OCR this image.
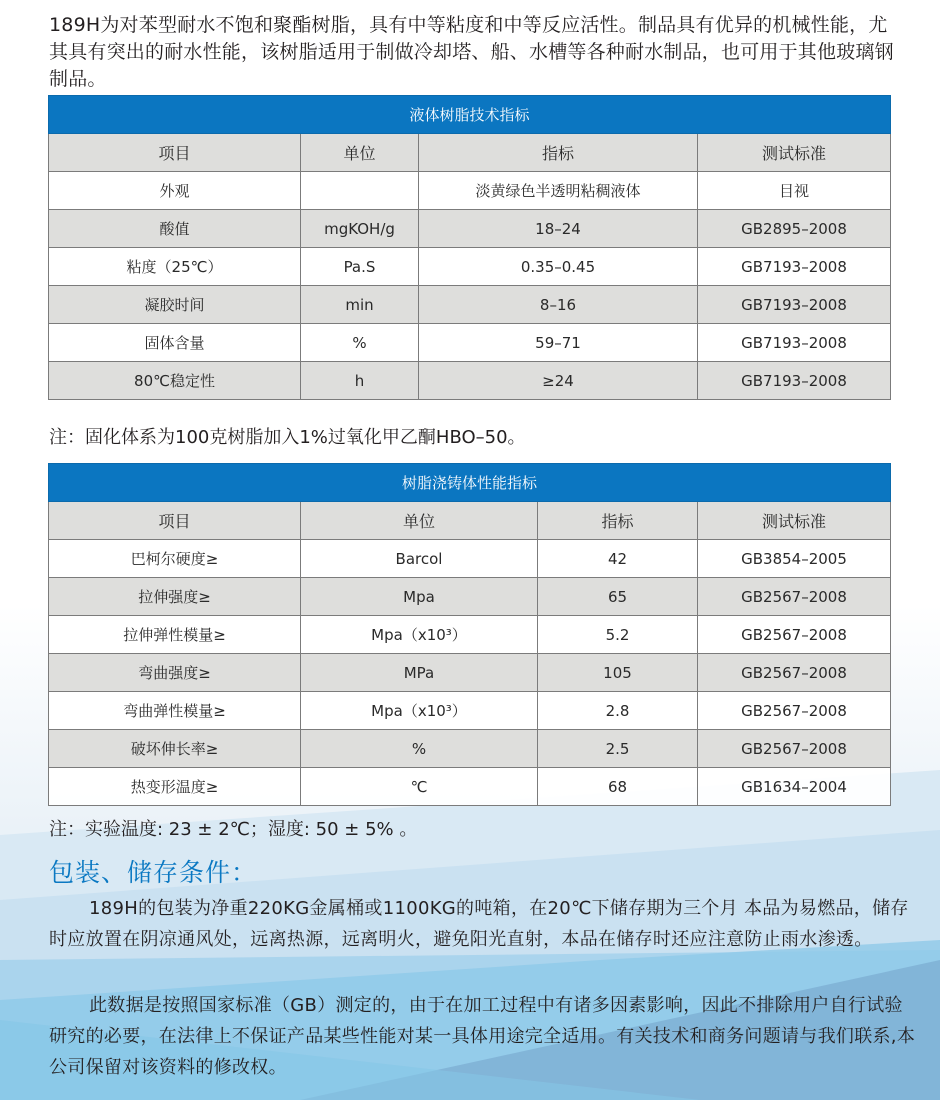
189H为对苯型耐水不饱和聚酯树脂，具有中等粘度和中等反应活性。制品具有优异的机械性能，尤其具有突出的耐水性能，该树脂适用于制做冷却塔、船、水槽等各种耐水制品，也可用于其他玻璃钢制品。
液体树脂技术指标			
项目	单位	指标	测试标准
外观		淡黄绿色半透明粘稠液体	目视
酸值	mgKOH/g	18–24	GB2895–2008
粘度（25℃）	Pa.S	0.35–0.45	GB7193–2008
凝胶时间	min	8–16	GB7193–2008
固体含量	%	59–71	GB7193–2008
80℃稳定性	h	≥24	GB7193–2008
注：固化体系为100克树脂加入1%过氧化甲乙酮HBO–50。
树脂浇铸体性能指标			
项目	单位	指标	测试标准
巴柯尔硬度≥	Barcol	42	GB3854–2005
拉伸强度≥	Mpa	65	GB2567–2008
拉伸弹性模量≥	Mpa（x10³）	5.2	GB2567–2008
弯曲强度≥	MPa	105	GB2567–2008
弯曲弹性模量≥	Mpa（x10³）	2.8	GB2567–2008
破坏伸长率≥	%	2.5	GB2567–2008
热变形温度≥	℃	68	GB1634–2004
注：实验温度: 23 ± 2℃；湿度: 50 ± 5% 。
包装、储存条件：
189H的包装为净重220KG金属桶或1100KG的吨箱，在20℃下储存期为三个月 本品为易燃品，储存时应放置在阴凉通风处，远离热源，远离明火，避免阳光直射，本品在储存时还应注意防止雨水渗透。
此数据是按照国家标准（GB）测定的，由于在加工过程中有诸多因素影响，因此不排除用户自行试验研究的必要，在法律上不保证产品某些性能对某一具体用途完全适用。有关技术和商务问题请与我们联系,本公司保留对该资料的修改权。
